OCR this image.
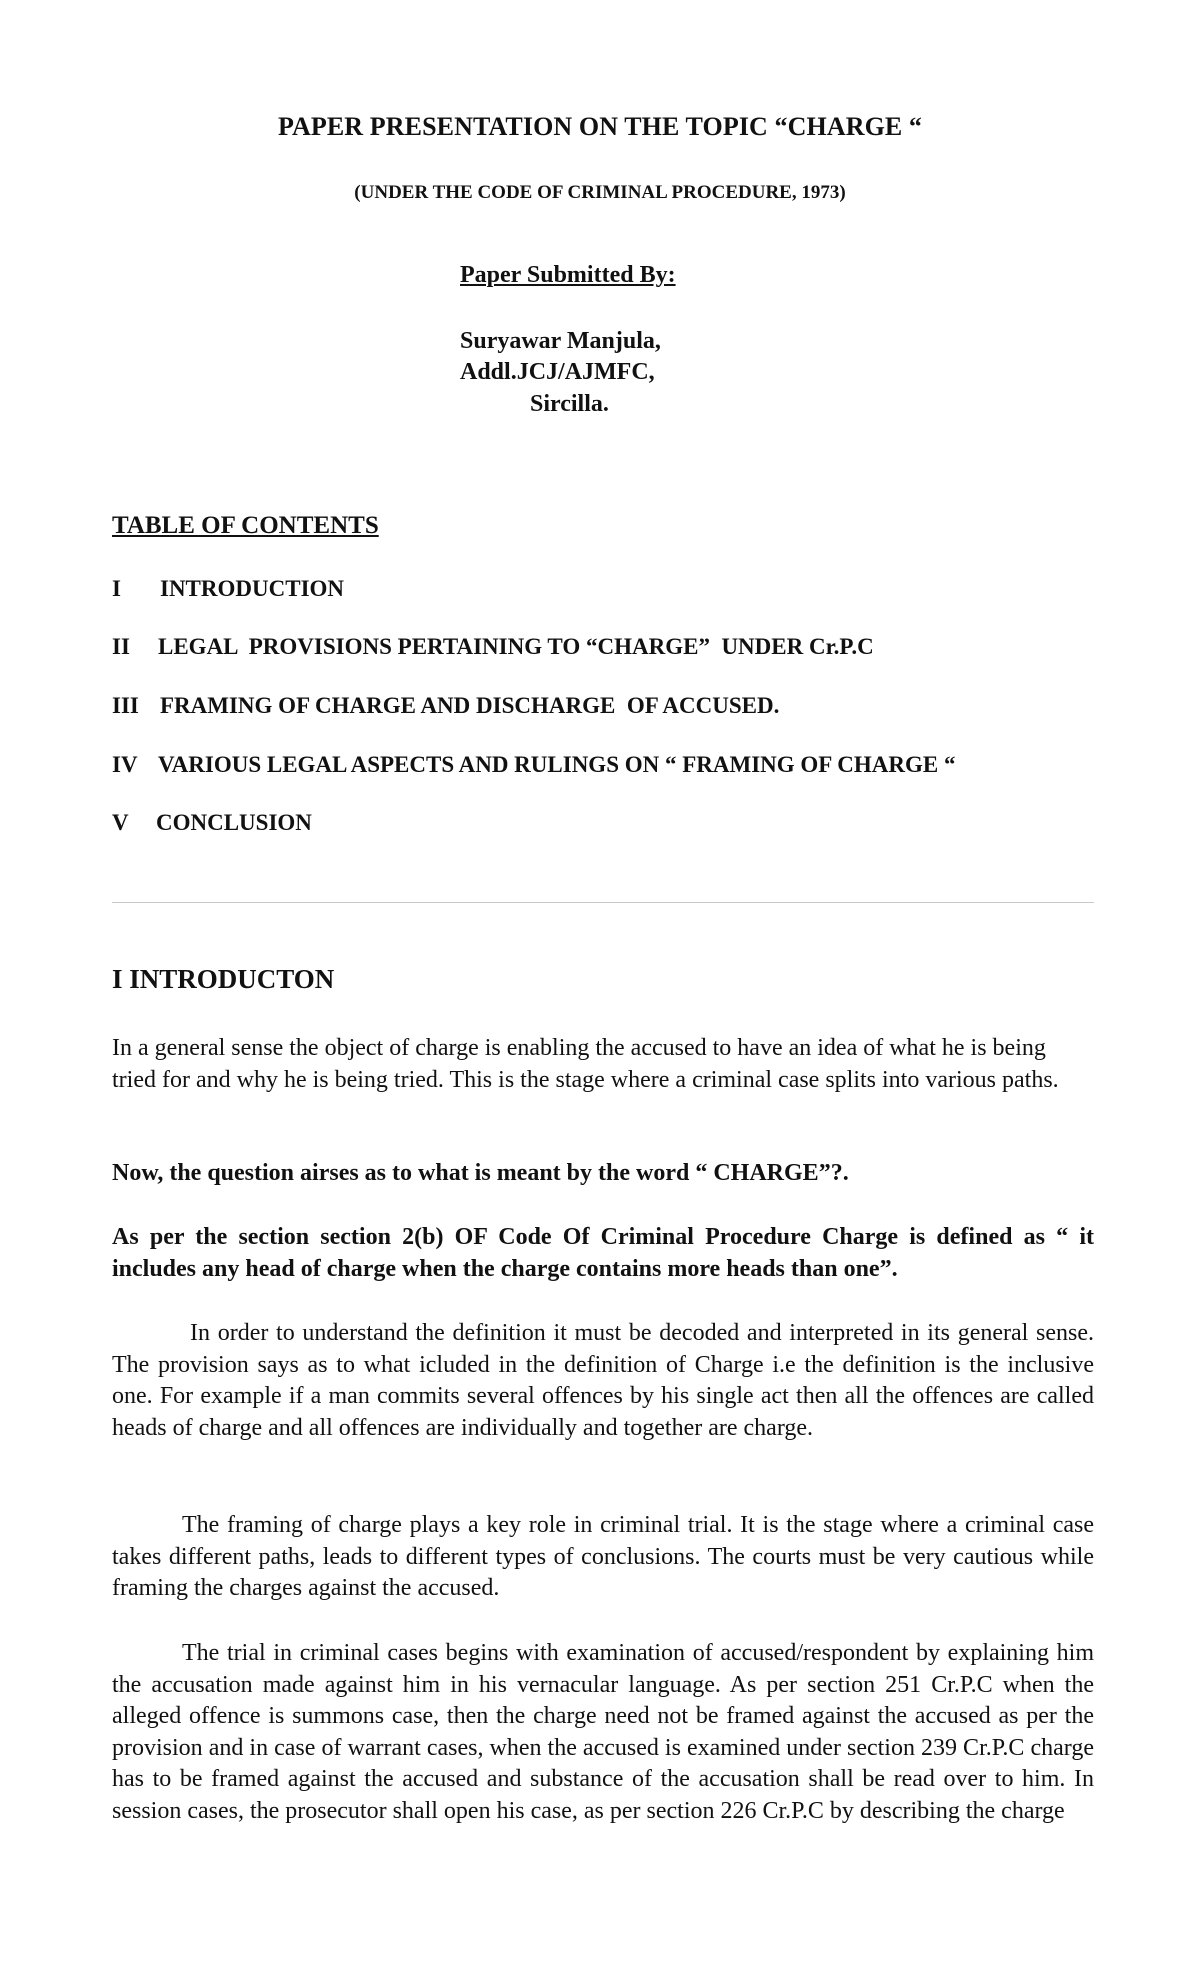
PAPER PRESENTATION ON THE TOPIC “CHARGE “
(UNDER THE CODE OF CRIMINAL PROCEDURE, 1973)
Paper Submitted By:
Suryawar Manjula,
Addl.JCJ/AJMFC,
Sircilla.
TABLE OF CONTENTS
I INTRODUCTION
II LEGAL  PROVISIONS PERTAINING TO “CHARGE”  UNDER Cr.P.C
III FRAMING OF CHARGE AND DISCHARGE  OF ACCUSED.
IV VARIOUS LEGAL ASPECTS AND RULINGS ON “ FRAMING OF CHARGE “
V CONCLUSION
I INTRODUCTON

In a general sense the object of charge is enabling the accused to have an idea of what he is being tried for and why he is being tried. This is the stage where a criminal case splits into various paths.

Now, the question airses as to what is meant by the word “ CHARGE”?.

As per the section section 2(b) OF Code Of Criminal Procedure Charge is defined as “ it includes any head of charge when the charge contains more heads than one”.

In order to understand the definition it must be decoded and interpreted in its general sense. The provision says as to what icluded in the definition of Charge i.e the definition is the inclusive one. For example if a man commits several offences by his single act then all the offences are called heads of charge and all offences are individually and together are charge.

The framing of charge plays a key role in criminal trial. It is the stage where a criminal case takes different paths, leads to different types of conclusions. The courts must be very cautious while framing the charges against the accused.

The trial in criminal cases begins with examination of accused/respondent by explaining him the accusation made against him in his vernacular language. As per section 251 Cr.P.C when the alleged offence is summons case, then the charge need not be framed against the accused as per the provision and in case of warrant cases, when the accused is examined under section 239 Cr.P.C charge has to be framed against the accused and substance of the accusation shall be read over to him. In session cases, the prosecutor shall open his case, as per section 226 Cr.P.C by describing the charge
